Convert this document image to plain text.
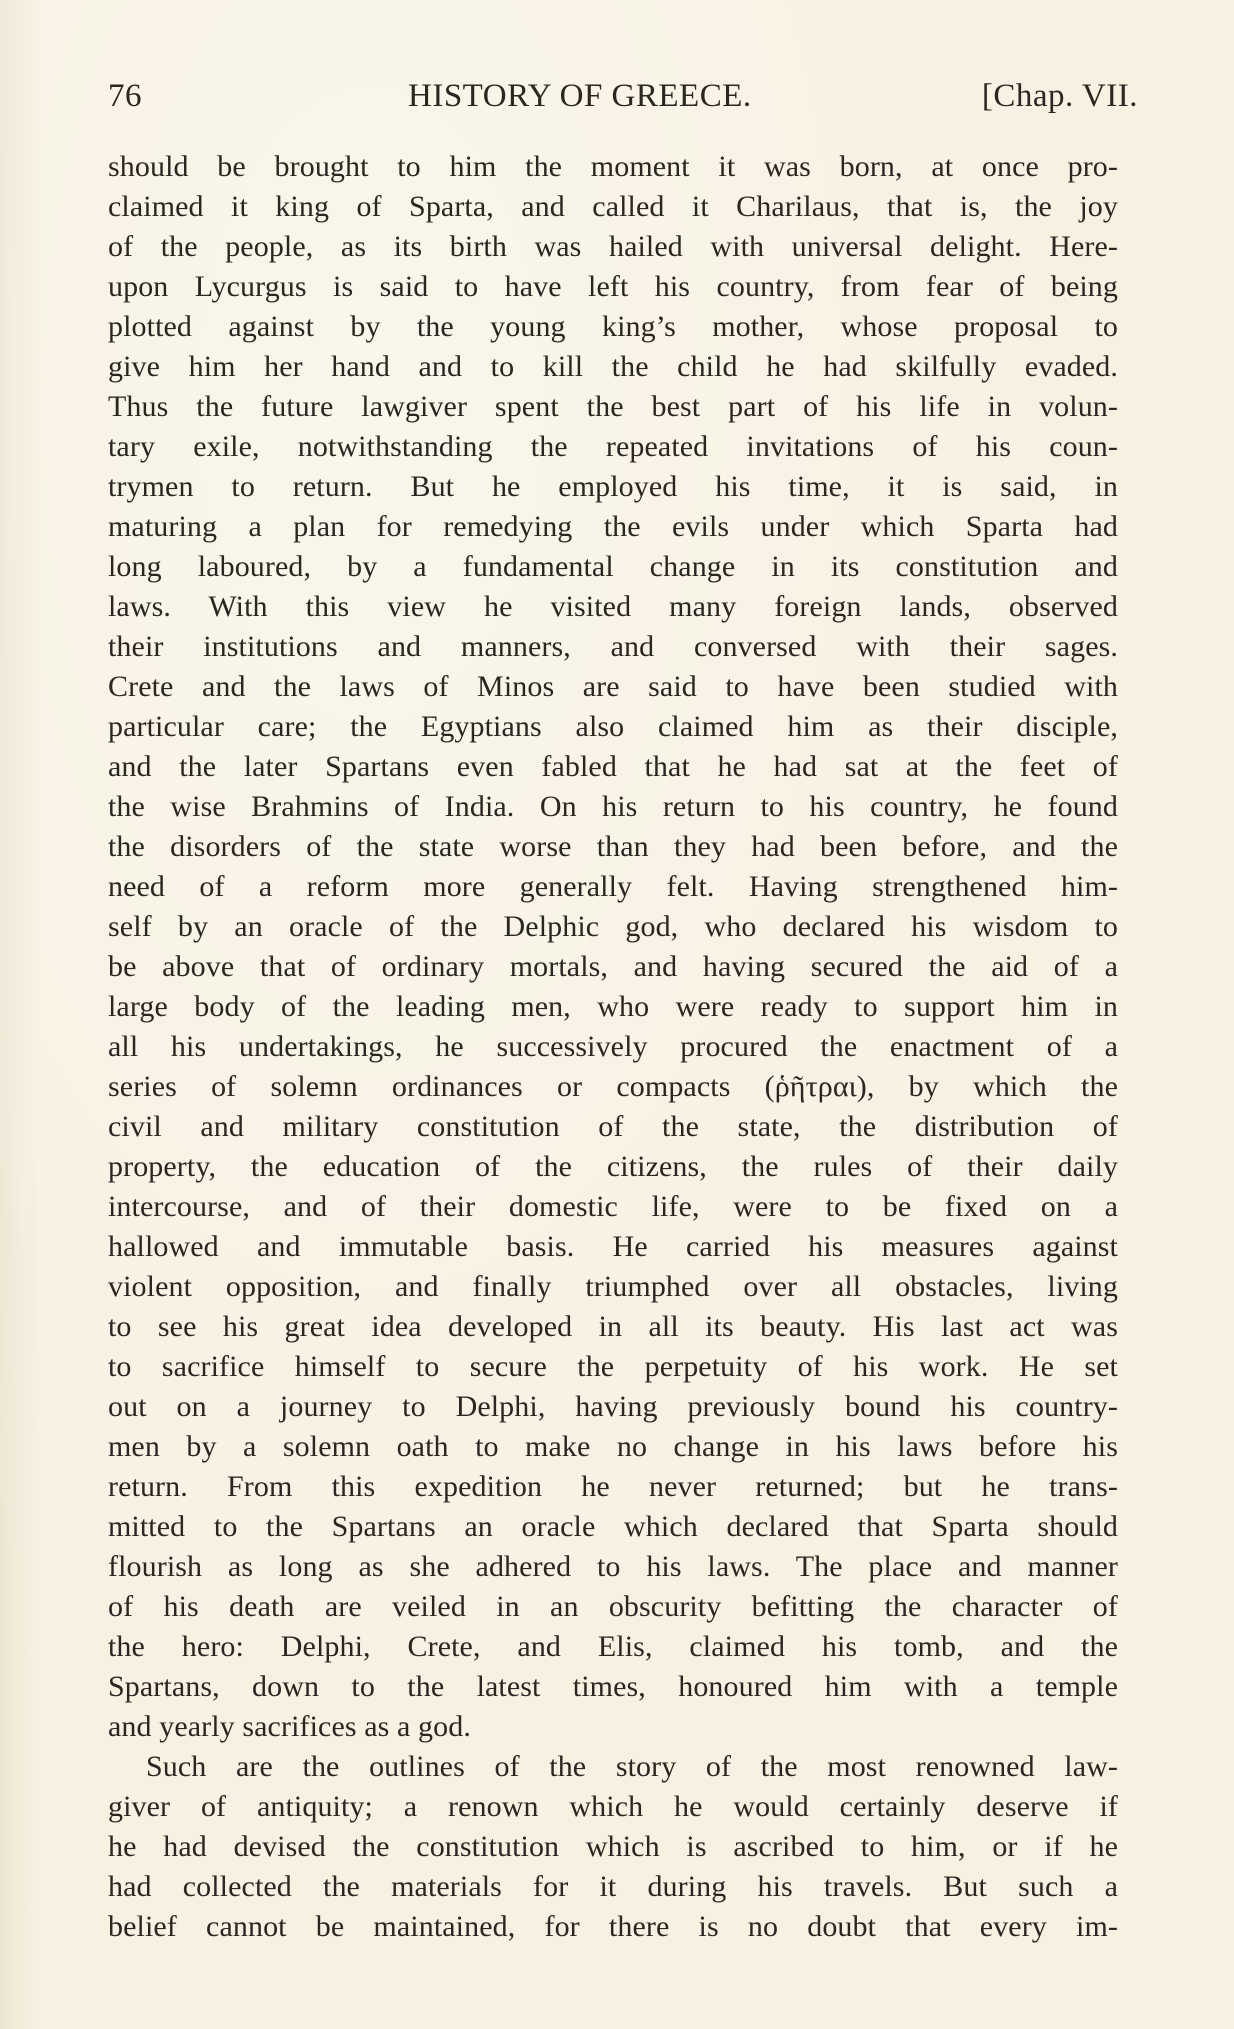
76	HISTORY OF GREECE.	[Chap. VII.
should be brought to him the moment it was born, at once pro-
claimed it king of Sparta, and called it Charilaus, that is, the joy
of the people, as its birth was hailed with universal delight. Here-
upon Lycurgus is said to have left his country, from fear of being
plotted against by the young king’s mother, whose proposal to
give him her hand and to kill the child he had skilfully evaded.
Thus the future lawgiver spent the best part of his life in volun-
tary exile, notwithstanding the repeated invitations of his coun-
trymen to return. But he employed his time, it is said, in
maturing a plan for remedying the evils under which Sparta had
long laboured, by a fundamental change in its constitution and
laws. With this view he visited many foreign lands, observed
their institutions and manners, and conversed with their sages.
Crete and the laws of Minos are said to have been studied with
particular care; the Egyptians also claimed him as their disciple,
and the later Spartans even fabled that he had sat at the feet of
the wise Brahmins of India. On his return to his country, he found
the disorders of the state worse than they had been before, and the
need of a reform more generally felt. Having strengthened him-
self by an oracle of the Delphic god, who declared his wisdom to
be above that of ordinary mortals, and having secured the aid of a
large body of the leading men, who were ready to support him in
all his undertakings, he successively procured the enactment of a
series of solemn ordinances or compacts (ῥῆτραι), by which the
civil and military constitution of the state, the distribution of
property, the education of the citizens, the rules of their daily
intercourse, and of their domestic life, were to be fixed on a
hallowed and immutable basis. He carried his measures against
violent opposition, and finally triumphed over all obstacles, living
to see his great idea developed in all its beauty. His last act was
to sacrifice himself to secure the perpetuity of his work. He set
out on a journey to Delphi, having previously bound his country-
men by a solemn oath to make no change in his laws before his
return. From this expedition he never returned; but he trans-
mitted to the Spartans an oracle which declared that Sparta should
flourish as long as she adhered to his laws. The place and manner
of his death are veiled in an obscurity befitting the character of
the hero: Delphi, Crete, and Elis, claimed his tomb, and the
Spartans, down to the latest times, honoured him with a temple
and yearly sacrifices as a god.
Such are the outlines of the story of the most renowned law-
giver of antiquity; a renown which he would certainly deserve if
he had devised the constitution which is ascribed to him, or if he
had collected the materials for it during his travels. But such a
belief cannot be maintained, for there is no doubt that every im-
